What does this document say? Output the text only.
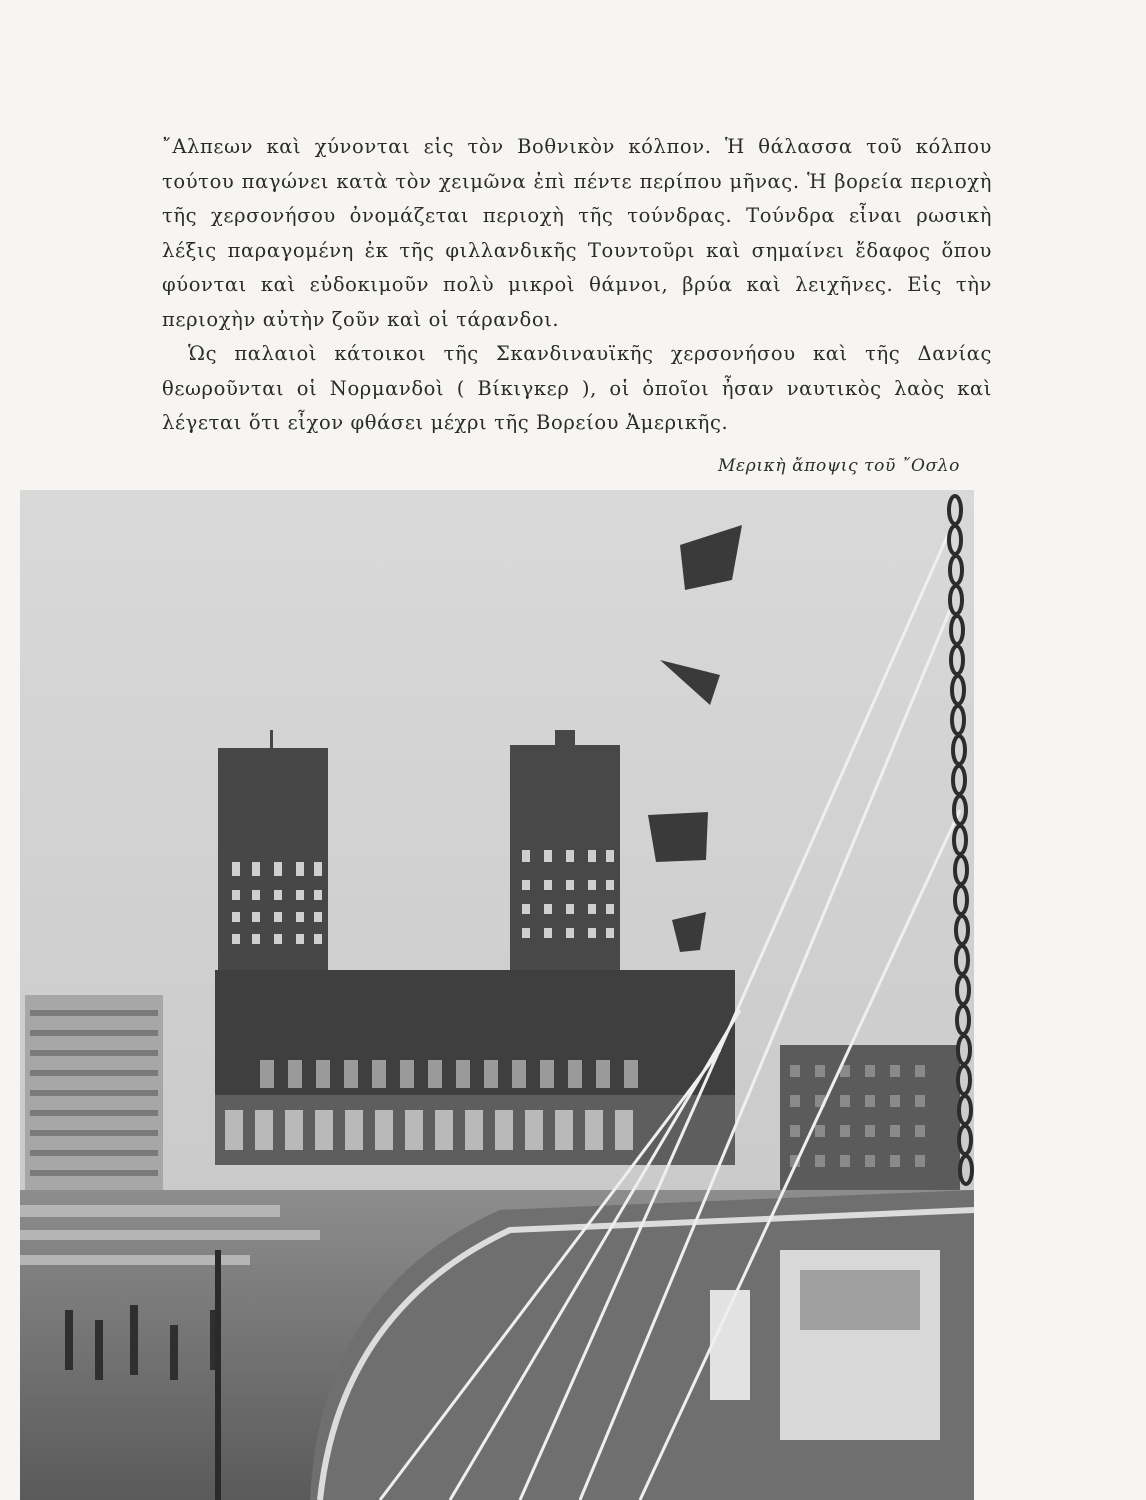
῎Αλπεων καὶ χύνονται εἰς τὸν Βοθνικὸν κόλπον. Ἡ θάλασσα τοῦ κόλπου τούτου παγώνει κατὰ τὸν χειμῶνα ἐπὶ πέντε περίπου μῆνας. Ἡ βορεία περιοχὴ τῆς χερσονήσου ὀνομάζεται περιοχὴ τῆς τούνδρας. Τούνδρα εἶναι ρωσικὴ λέξις παραγομένη ἐκ τῆς φιλλανδικῆς Τουντοῦρι καὶ σημαίνει ἔδαφος ὅπου φύονται καὶ εὐδοκιμοῦν πολὺ μικροὶ θάμνοι, βρύα καὶ λειχῆνες. Εἰς τὴν περιοχὴν αὐτὴν ζοῦν καὶ οἱ τάρανδοι.

Ὡς παλαιοὶ κάτοικοι τῆς Σκανδιναυϊκῆς χερσονήσου καὶ τῆς Δανίας θεωροῦνται οἱ Νορμανδοὶ ( Βίκιγκερ ), οἱ ὁποῖοι ἦσαν ναυτικὸς λαὸς καὶ λέγεται ὅτι εἶχον φθάσει μέχρι τῆς Βορείου Ἀμερικῆς.

Μερικὴ ἄποψις τοῦ ῎Οσλο
